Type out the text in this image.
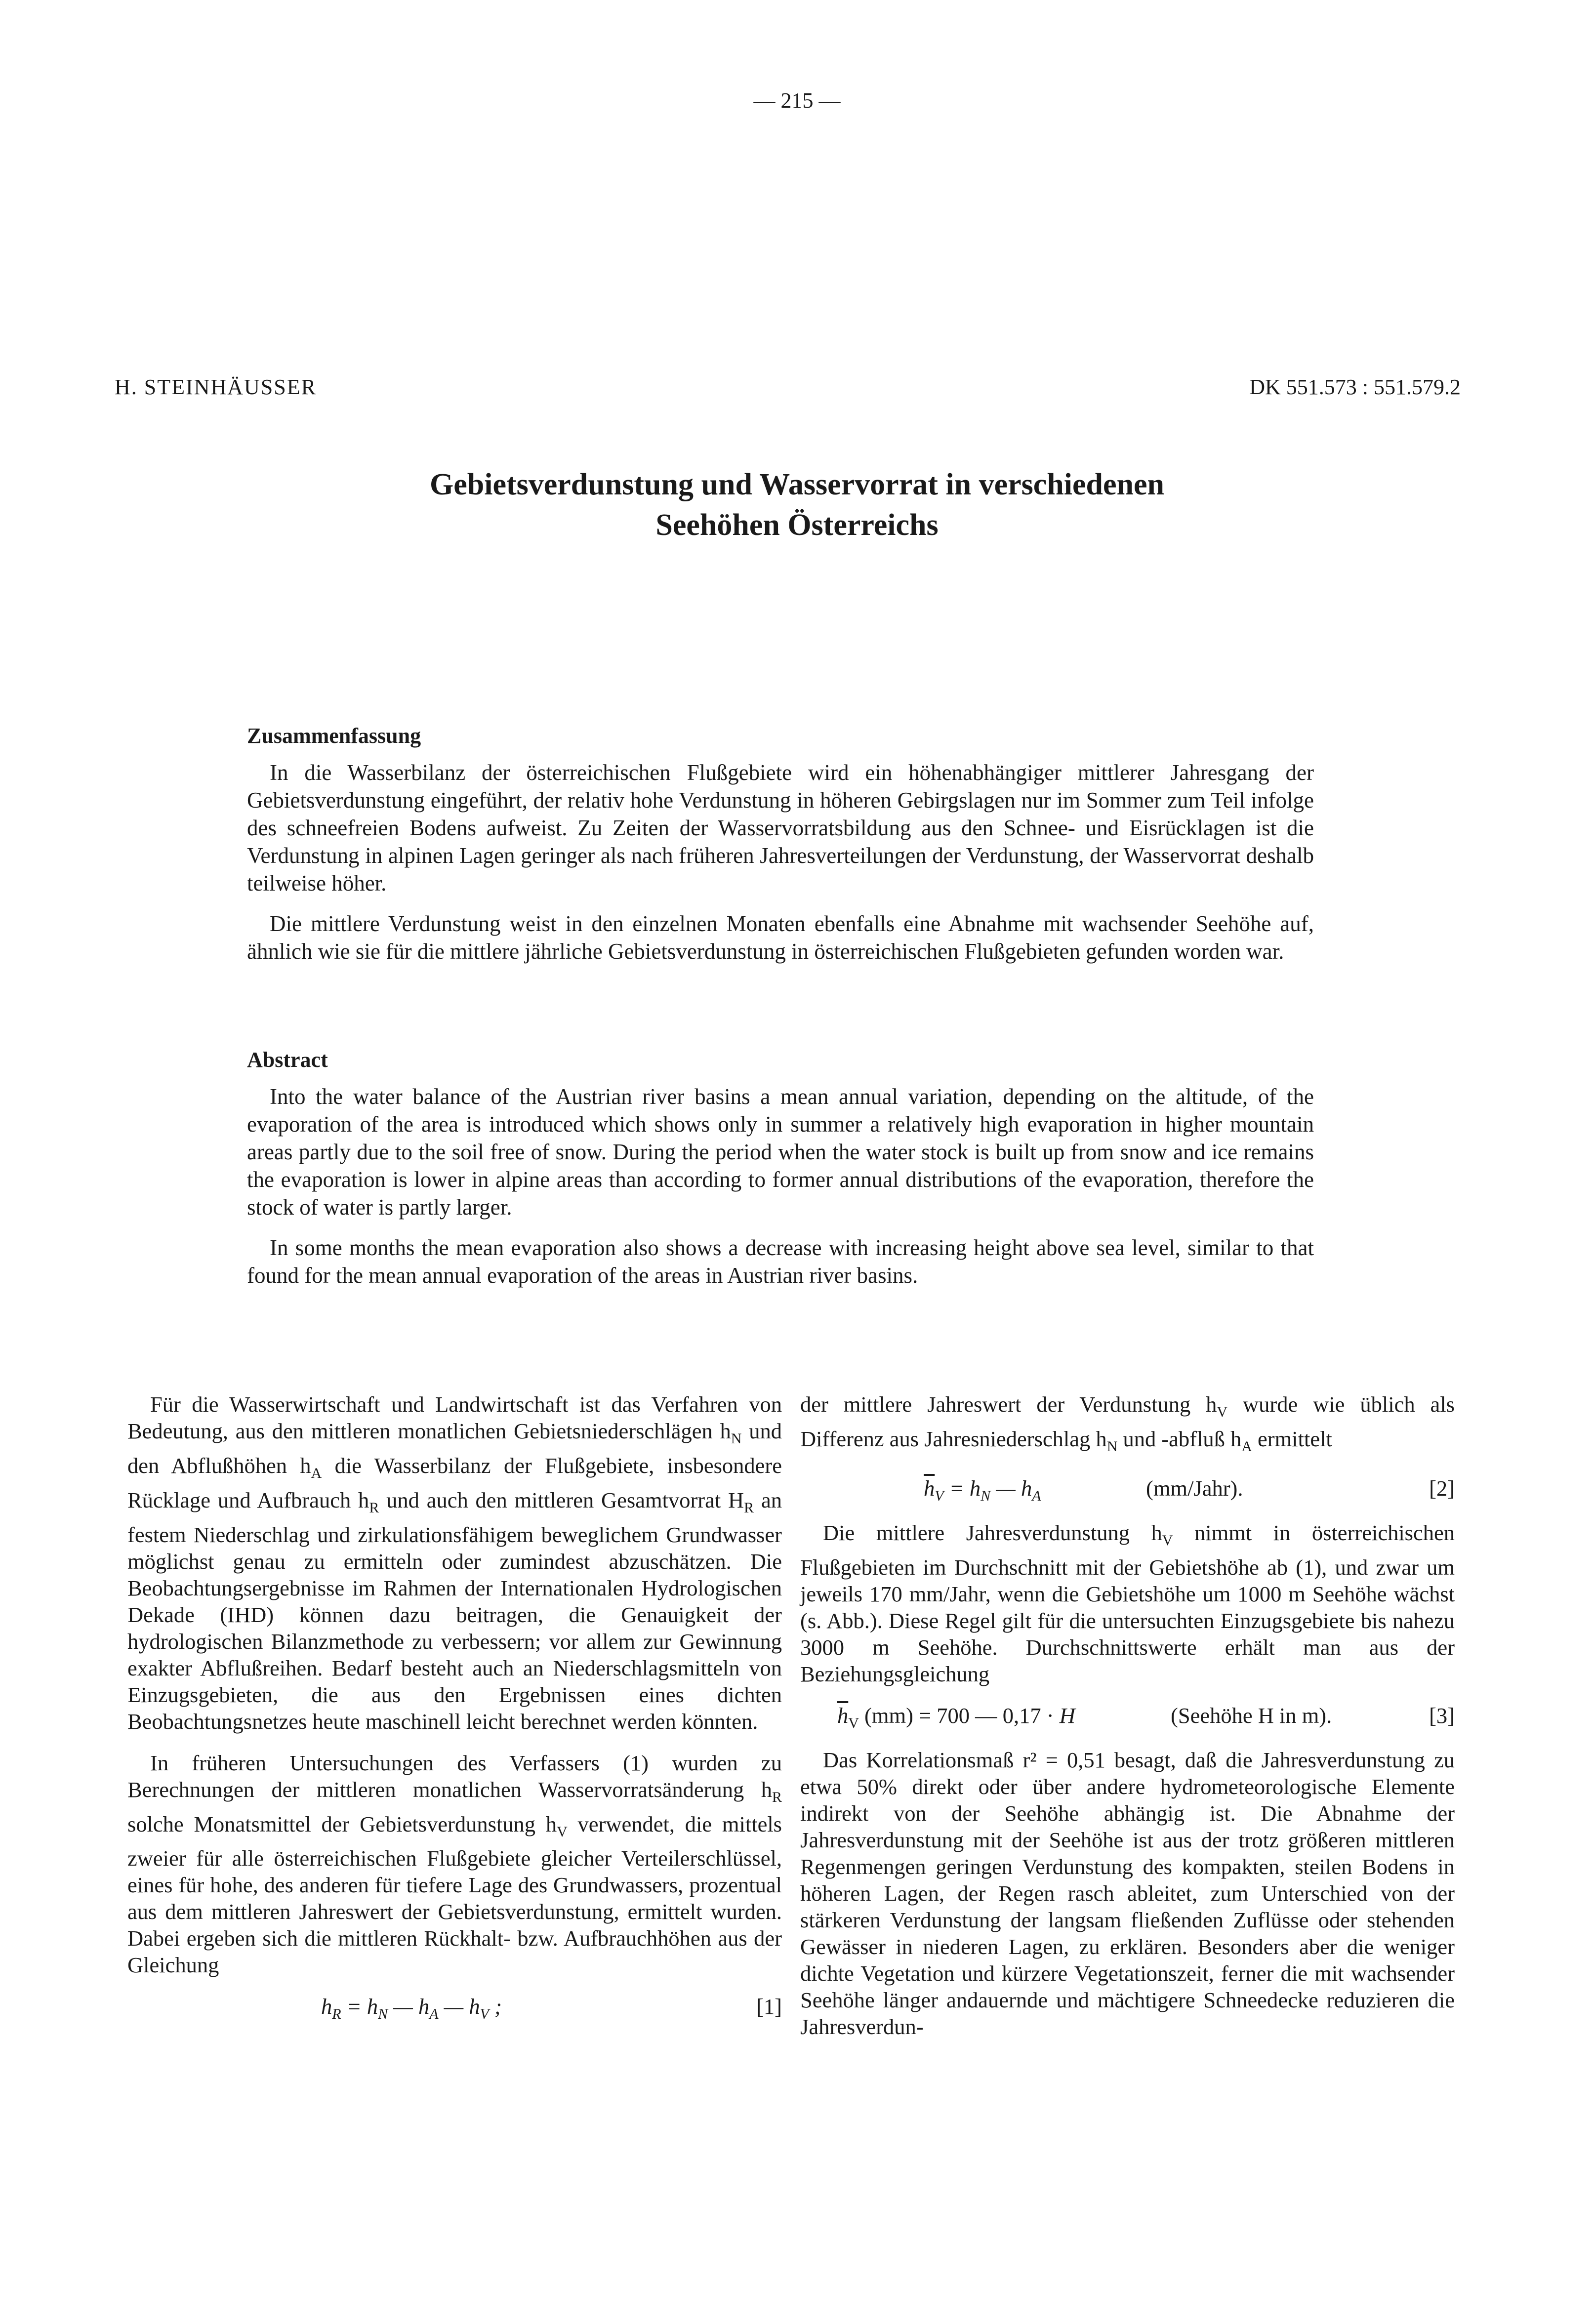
— 215 —
H. STEINHÄUSSER	DK 551.573 : 551.579.2
Gebietsverdunstung und Wasservorrat in verschiedenen
Seehöhen Österreichs
Zusammenfassung

In die Wasserbilanz der österreichischen Flußgebiete wird ein höhenabhängiger mittlerer Jahresgang der Gebietsverdunstung eingeführt, der relativ hohe Verdunstung in höheren Gebirgslagen nur im Sommer zum Teil infolge des schneefreien Bodens aufweist. Zu Zeiten der Wasservorratsbildung aus den Schnee- und Eisrücklagen ist die Verdunstung in alpinen Lagen geringer als nach früheren Jahresverteilungen der Verdunstung, der Wasservorrat deshalb teilweise höher.

Die mittlere Verdunstung weist in den einzelnen Monaten ebenfalls eine Abnahme mit wachsender Seehöhe auf, ähnlich wie sie für die mittlere jährliche Gebietsverdunstung in österreichischen Flußgebieten gefunden worden war.

Abstract

Into the water balance of the Austrian river basins a mean annual variation, depending on the altitude, of the evaporation of the area is introduced which shows only in summer a relatively high evaporation in higher mountain areas partly due to the soil free of snow. During the period when the water stock is built up from snow and ice remains the evaporation is lower in alpine areas than according to former annual distributions of the evaporation, therefore the stock of water is partly larger.

In some months the mean evaporation also shows a decrease with increasing height above sea level, similar to that found for the mean annual evaporation of the areas in Austrian river basins.

Für die Wasserwirtschaft und Landwirtschaft ist das Verfahren von Bedeutung, aus den mittleren monatlichen Gebietsniederschlägen $h_N$ und den Abflußhöhen $h_A$ die Wasserbilanz der Flußgebiete, insbesondere Rücklage und Aufbrauch $h_R$ und auch den mittleren Gesamtvorrat $H_R$ an festem Niederschlag und zirkulationsfähigem beweglichem Grundwasser möglichst genau zu ermitteln oder zumindest abzuschätzen. Die Beobachtungsergebnisse im Rahmen der Internationalen Hydrologischen Dekade (IHD) können dazu beitragen, die Genauigkeit der hydrologischen Bilanzmethode zu verbessern; vor allem zur Gewinnung exakter Abflußreihen. Bedarf besteht auch an Niederschlagsmitteln von Einzugsgebieten, die aus den Ergebnissen eines dichten Beobachtungsnetzes heute maschinell leicht berechnet werden könnten.

In früheren Untersuchungen des Verfassers (1) wurden zu Berechnungen der mittleren monatlichen Wasservorratsänderung $h_R$ solche Monatsmittel der Gebietsverdunstung $h_V$ verwendet, die mittels zweier für alle österreichischen Flußgebiete gleicher Verteilerschlüssel, eines für hohe, des anderen für tiefere Lage des Grundwassers, prozentual aus dem mittleren Jahreswert der Gebietsverdunstung, ermittelt wurden. Dabei ergeben sich die mittleren Rückhalt- bzw. Aufbrauchhöhen aus der Gleichung

$h_R = h_N$ — $h_A$ — $h_V$ ;	[1]

der mittlere Jahreswert der Verdunstung $h_V$ wurde wie üblich als Differenz aus Jahresniederschlag $h_N$ und -abfluß $h_A$ ermittelt

$\overline{h}_V = h_N$ — $h_A$	(mm/Jahr).	[2]

Die mittlere Jahresverdunstung $h_V$ nimmt in österreichischen Flußgebieten im Durchschnitt mit der Gebietshöhe ab (1), und zwar um jeweils 170 mm/Jahr, wenn die Gebietshöhe um 1000 m Seehöhe wächst (s. Abb.). Diese Regel gilt für die untersuchten Einzugsgebiete bis nahezu 3000 m Seehöhe. Durchschnittswerte erhält man aus der Beziehungsgleichung

$\overline{h}_V$ (mm) = 700 — 0,17 · H	(Seehöhe H in m).	[3]

Das Korrelationsmaß r² = 0,51 besagt, daß die Jahresverdunstung zu etwa 50% direkt oder über andere hydrometeorologische Elemente indirekt von der Seehöhe abhängig ist. Die Abnahme der Jahresverdunstung mit der Seehöhe ist aus der trotz größeren mittleren Regenmengen geringen Verdunstung des kompakten, steilen Bodens in höheren Lagen, der Regen rasch ableitet, zum Unterschied von der stärkeren Verdunstung der langsam fließenden Zuflüsse oder stehenden Gewässer in niederen Lagen, zu erklären. Besonders aber die weniger dichte Vegetation und kürzere Vegetationszeit, ferner die mit wachsender Seehöhe länger andauernde und mächtigere Schneedecke reduzieren die Jahresverdun-
